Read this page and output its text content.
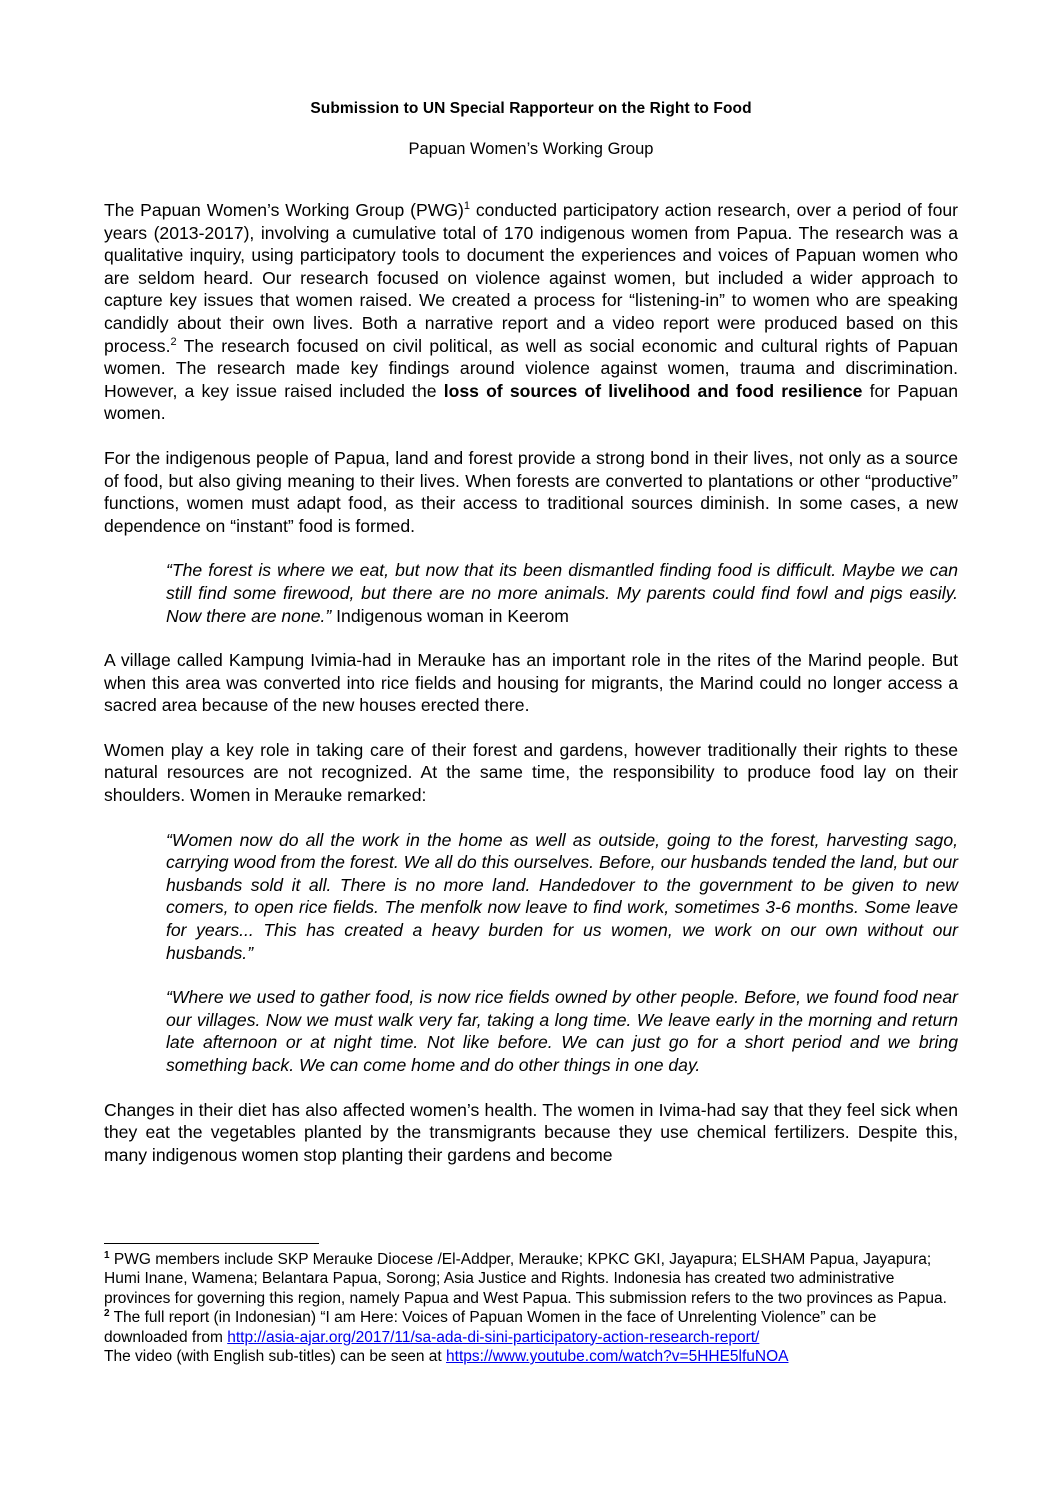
Submission to UN Special Rapporteur on the Right to Food
Papuan Women’s Working Group

The Papuan Women’s Working Group (PWG)$^1$ conducted participatory action research, over a period of four years (2013-2017), involving a cumulative total of 170 indigenous women from Papua. The research was a qualitative inquiry, using participatory tools to document the experiences and voices of Papuan women who are seldom heard. Our research focused on violence against women, but included a wider approach to capture key issues that women raised. We created a process for “listening-in” to women who are speaking candidly about their own lives. Both a narrative report and a video report were produced based on this process.$^2$ The research focused on civil political, as well as social economic and cultural rights of Papuan women. The research made key findings around violence against women, trauma and discrimination. However, a key issue raised included the loss of sources of livelihood and food resilience for Papuan women.

For the indigenous people of Papua, land and forest provide a strong bond in their lives, not only as a source of food, but also giving meaning to their lives. When forests are converted to plantations or other “productive” functions, women must adapt food, as their access to traditional sources diminish. In some cases, a new dependence on “instant” food is formed.

“The forest is where we eat, but now that its been dismantled finding food is difficult. Maybe we can still find some firewood, but there are no more animals. My parents could find fowl and pigs easily. Now there are none.” Indigenous woman in Keerom

A village called Kampung Ivimia-had in Merauke has an important role in the rites of the Marind people. But when this area was converted into rice fields and housing for migrants, the Marind could no longer access a sacred area because of the new houses erected there.

Women play a key role in taking care of their forest and gardens, however traditionally their rights to these natural resources are not recognized. At the same time, the responsibility to produce food lay on their shoulders. Women in Merauke remarked:

“Women now do all the work in the home as well as outside, going to the forest, harvesting sago, carrying wood from the forest. We all do this ourselves. Before, our husbands tended the land, but our husbands sold it all. There is no more land. Handedover to the government to be given to new comers, to open rice fields. The menfolk now leave to find work, sometimes 3-6 months. Some leave for years... This has created a heavy burden for us women, we work on our own without our husbands.”

“Where we used to gather food, is now rice fields owned by other people. Before, we found food near our villages. Now we must walk very far, taking a long time. We leave early in the morning and return late afternoon or at night time. Not like before. We can just go for a short period and we bring something back. We can come home and do other things in one day.

Changes in their diet has also affected women’s health. The women in Ivima-had say that they feel sick when they eat the vegetables planted by the transmigrants because they use chemical fertilizers. Despite this, many indigenous women stop planting their gardens and become

$^1$ PWG members include SKP Merauke Diocese /El-Addper, Merauke; KPKC GKI, Jayapura; ELSHAM Papua, Jayapura; Humi Inane, Wamena; Belantara Papua, Sorong; Asia Justice and Rights. Indonesia has created two administrative provinces for governing this region, namely Papua and West Papua. This submission refers to the two provinces as Papua.

$^2$ The full report (in Indonesian) “I am Here: Voices of Papuan Women in the face of Unrelenting Violence” can be downloaded from http://asia-ajar.org/2017/11/sa-ada-di-sini-participatory-action-research-report/
The video (with English sub-titles) can be seen at https://www.youtube.com/watch?v=5HHE5lfuNOA
